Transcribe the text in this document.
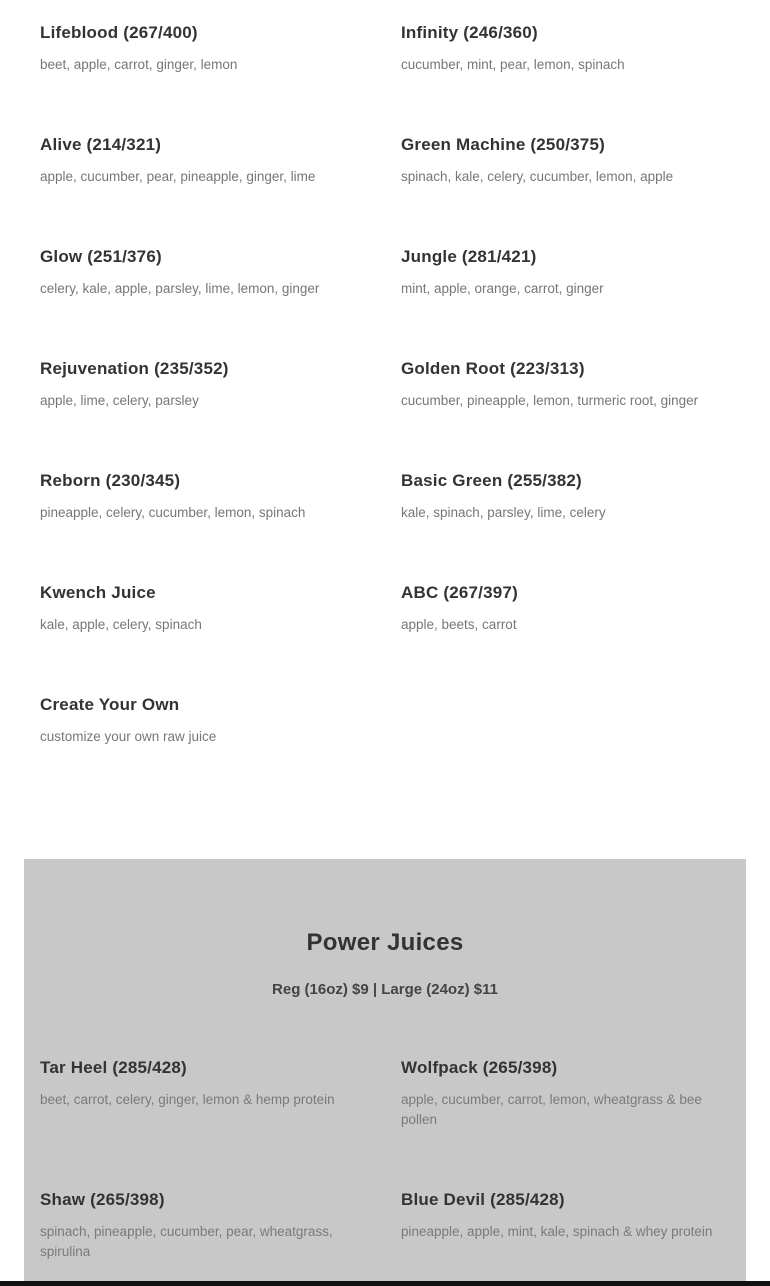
Lifeblood (267/400)
beet, apple, carrot, ginger, lemon
Infinity (246/360)
cucumber, mint, pear, lemon, spinach
Alive (214/321)
apple, cucumber, pear, pineapple, ginger, lime
Green Machine (250/375)
spinach, kale, celery, cucumber, lemon, apple
Glow (251/376)
celery, kale, apple, parsley, lime, lemon, ginger
Jungle (281/421)
mint, apple, orange, carrot, ginger
Rejuvenation (235/352)
apple, lime, celery, parsley
Golden Root (223/313)
cucumber, pineapple, lemon, turmeric root, ginger
Reborn (230/345)
pineapple, celery, cucumber, lemon, spinach
Basic Green (255/382)
kale, spinach, parsley, lime, celery
Kwench Juice
kale, apple, celery, spinach
ABC (267/397)
apple, beets, carrot
Create Your Own
customize your own raw juice
Power Juices
Reg (16oz) $9 | Large (24oz) $11
Tar Heel (285/428)
beet, carrot, celery, ginger, lemon & hemp protein
Wolfpack (265/398)
apple, cucumber, carrot, lemon, wheatgrass & bee pollen
Shaw (265/398)
spinach, pineapple, cucumber, pear, wheatgrass, spirulina
Blue Devil (285/428)
pineapple, apple, mint, kale, spinach & whey protein
